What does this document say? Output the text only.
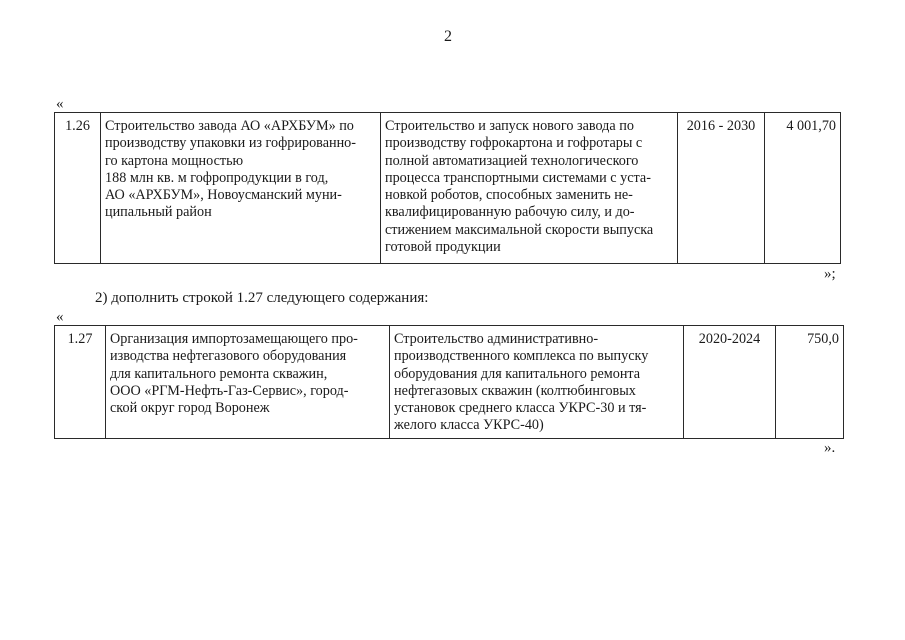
2
«
1.26	Строительство завода АО «АРХБУМ» по
производству упаковки из гофрированно-
го картона мощностью
188 млн кв. м гофропродукции в год,
АО «АРХБУМ», Новоусманский муни-
ципальный район	Строительство и запуск нового завода по
производству гофрокартона и гофротары с
полной автоматизацией технологического
процесса транспортными системами с уста-
новкой роботов, способных заменить не-
квалифицированную рабочую силу, и до-
стижением максимальной скорости выпуска
готовой продукции	2016 - 2030	4 001,70
»;
2) дополнить строкой 1.27 следующего содержания:
«
1.27	Организация импортозамещающего про-
изводства нефтегазового оборудования
для капитального ремонта скважин,
ООО «РГМ-Нефть-Газ-Сервис», город-
ской округ город Воронеж	Строительство административно-
производственного комплекса по выпуску
оборудования для капитального ремонта
нефтегазовых скважин (колтюбинговых
установок среднего класса УКРС-30 и тя-
желого класса УКРС-40)	2020-2024	750,0
».
